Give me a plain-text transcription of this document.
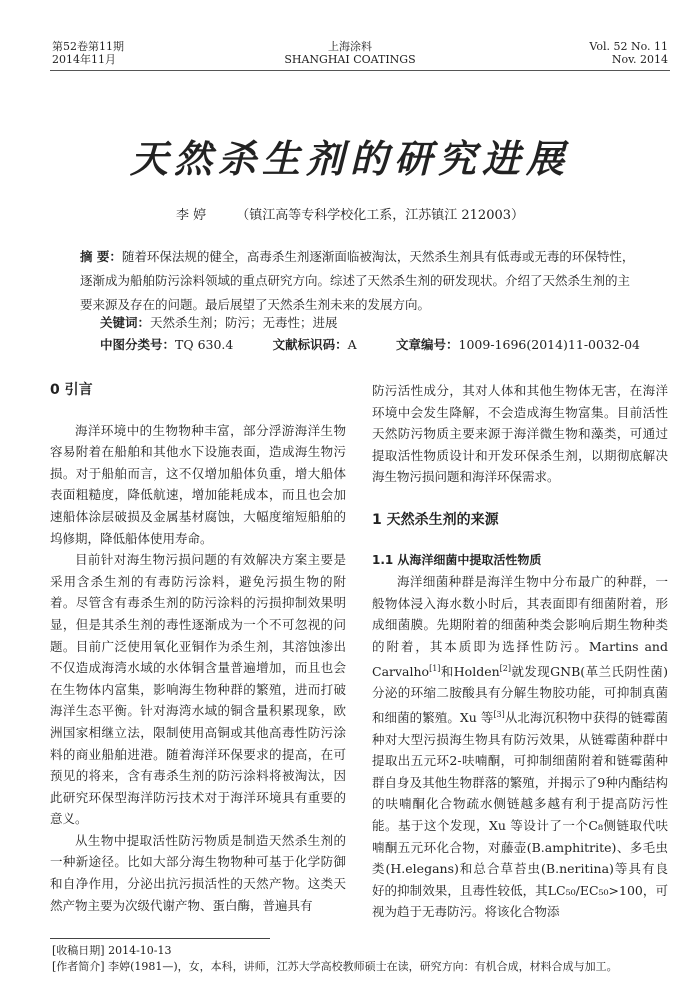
第52卷第11期
2014年11月
上海涂料
SHANGHAI COATINGS
Vol. 52 No. 11
Nov. 2014
天然杀生剂的研究进展
李 婷 （镇江高等专科学校化工系，江苏镇江 212003）
摘 要：随着环保法规的健全，高毒杀生剂逐渐面临被淘汰，天然杀生剂具有低毒或无毒的环保特性，逐渐成为船舶防污涂料领域的重点研究方向。综述了天然杀生剂的研发现状。介绍了天然杀生剂的主要来源及存在的问题。最后展望了天然杀生剂未来的发展方向。
关键词：天然杀生剂；防污；无毒性；进展
中图分类号：TQ 630.4	文献标识码：A	文章编号：1009-1696(2014)11-0032-04

0 引言

海洋环境中的生物物种丰富，部分浮游海洋生物容易附着在船舶和其他水下设施表面，造成海生物污损。对于船舶而言，这不仅增加船体负重，增大船体表面粗糙度，降低航速，增加能耗成本，而且也会加速船体涂层破损及金属基材腐蚀，大幅度缩短船舶的坞修期，降低船体使用寿命。

目前针对海生物污损问题的有效解决方案主要是采用含杀生剂的有毒防污涂料，避免污损生物的附着。尽管含有毒杀生剂的防污涂料的污损抑制效果明显，但是其杀生剂的毒性逐渐成为一个不可忽视的问题。目前广泛使用氧化亚铜作为杀生剂，其溶蚀渗出不仅造成海湾水域的水体铜含量普遍增加，而且也会在生物体内富集，影响海生物种群的繁殖，进而打破海洋生态平衡。针对海湾水域的铜含量积累现象，欧洲国家相继立法，限制使用高铜或其他高毒性防污涂料的商业船舶进港。随着海洋环保要求的提高，在可预见的将来，含有毒杀生剂的防污涂料将被淘汰，因此研究环保型海洋防污技术对于海洋环境具有重要的意义。

从生物中提取活性防污物质是制造天然杀生剂的一种新途径。比如大部分海生物物种可基于化学防御和自净作用，分泌出抗污损活性的天然产物。这类天然产物主要为次级代谢产物、蛋白酶，普遍具有

防污活性成分，其对人体和其他生物体无害，在海洋环境中会发生降解，不会造成海生物富集。目前活性天然防污物质主要来源于海洋微生物和藻类，可通过提取活性物质设计和开发环保杀生剂，以期彻底解决海生物污损问题和海洋环保需求。

1 天然杀生剂的来源

1.1 从海洋细菌中提取活性物质

海洋细菌种群是海洋生物中分布最广的种群，一般物体浸入海水数小时后，其表面即有细菌附着，形成细菌膜。先期附着的细菌种类会影响后期生物种类的附着，其本质即为选择性防污。Martins and Carvalho[1]和Holden[2]就发现GNB(革兰氏阴性菌)分泌的环缩二胺酸具有分解生物胶功能，可抑制真菌和细菌的繁殖。Xu 等[3]从北海沉积物中获得的链霉菌种对大型污损海生物具有防污效果，从链霉菌种群中提取出五元环2-呋喃酮，可抑制细菌附着和链霉菌种群自身及其他生物群落的繁殖，并揭示了9种内酯结构的呋喃酮化合物疏水侧链越多越有利于提高防污性能。基于这个发现，Xu 等设计了一个C₈侧链取代呋喃酮五元环化合物，对藤壶(B.amphitrite)、多毛虫类(H.elegans)和总合草苔虫(B.neritina)等具有良好的抑制效果，且毒性较低，其LC₅₀/EC₅₀>100，可视为趋于无毒防污。将该化合物添

[收稿日期] 2014-10-13
[作者简介] 李婷(1981—)，女，本科，讲师，江苏大学高校教师硕士在读，研究方向：有机合成，材料合成与加工。
